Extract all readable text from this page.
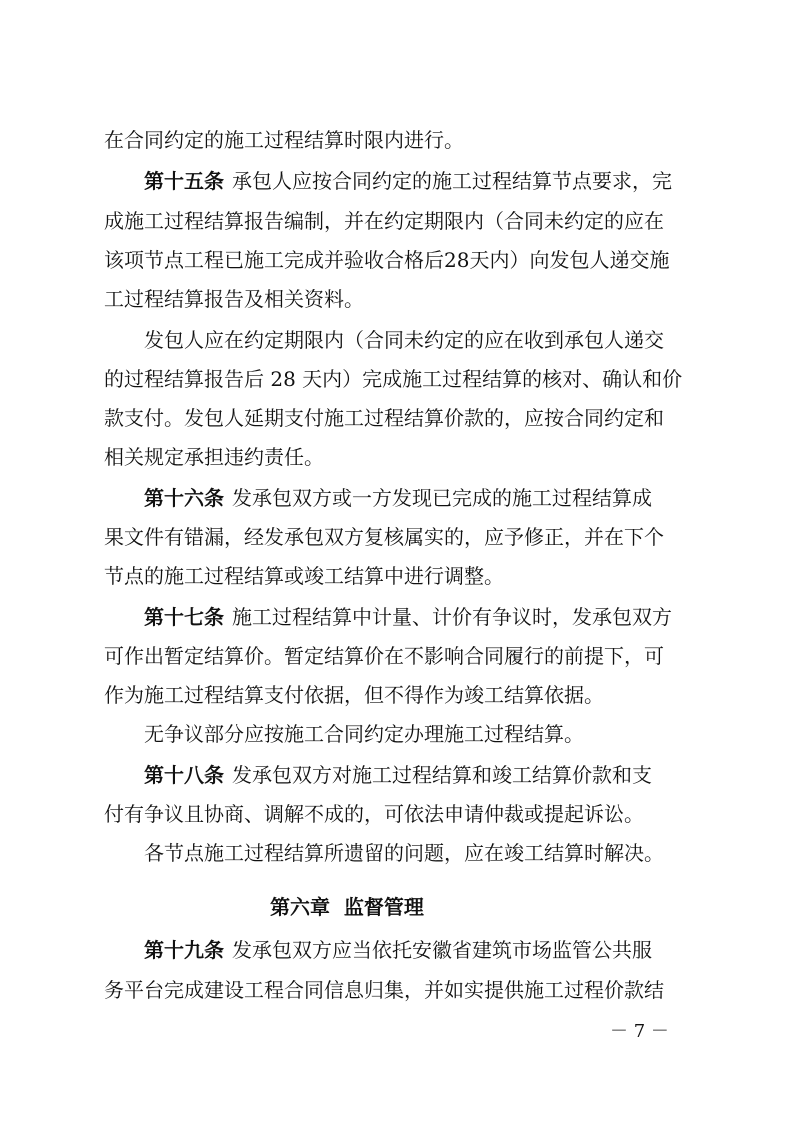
在合同约定的施工过程结算时限内进行。
第十五条 承包人应按合同约定的施工过程结算节点要求，完
成施工过程结算报告编制，并在约定期限内（合同未约定的应在
该项节点工程已施工完成并验收合格后28天内）向发包人递交施
工过程结算报告及相关资料。
发包人应在约定期限内（合同未约定的应在收到承包人递交
的过程结算报告后 28 天内）完成施工过程结算的核对、确认和价
款支付。发包人延期支付施工过程结算价款的，应按合同约定和
相关规定承担违约责任。
第十六条 发承包双方或一方发现已完成的施工过程结算成
果文件有错漏，经发承包双方复核属实的，应予修正，并在下个
节点的施工过程结算或竣工结算中进行调整。
第十七条 施工过程结算中计量、计价有争议时，发承包双方
可作出暂定结算价。暂定结算价在不影响合同履行的前提下，可
作为施工过程结算支付依据，但不得作为竣工结算依据。
无争议部分应按施工合同约定办理施工过程结算。
第十八条 发承包双方对施工过程结算和竣工结算价款和支
付有争议且协商、调解不成的，可依法申请仲裁或提起诉讼。
各节点施工过程结算所遗留的问题，应在竣工结算时解决。
第六章  监督管理
第十九条 发承包双方应当依托安徽省建筑市场监管公共服
务平台完成建设工程合同信息归集，并如实提供施工过程价款结
－ 7 －
